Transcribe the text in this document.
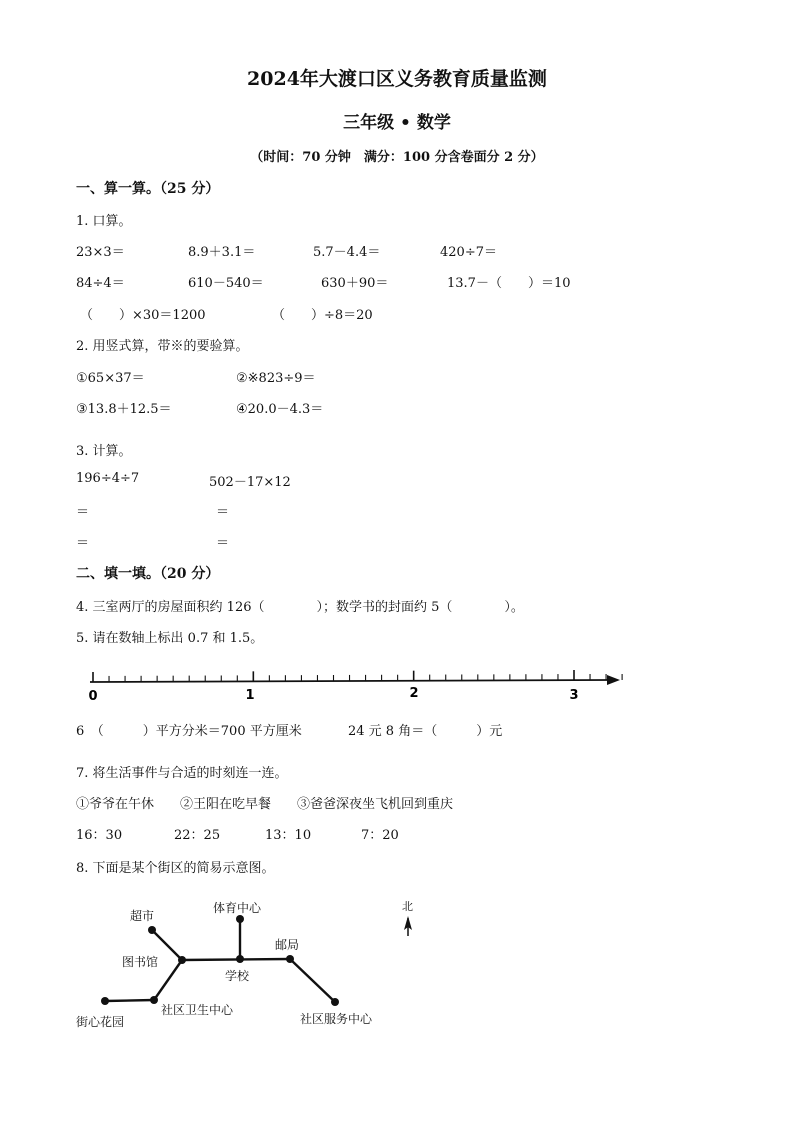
2024年大渡口区义务教育质量监测
三年级 • 数学
（时间：70 分钟　满分：100 分含卷面分 2 分）
一、算一算。（25 分）
1. 口算。
23×3＝	8.9＋3.1＝	5.7－4.4＝	420÷7＝
84÷4＝	610－540＝	630＋90＝	13.7－（　　）＝10
（　　）×30＝1200	（　　）÷8＝20
2. 用竖式算，带※的要验算。
①65×37＝	②※823÷9＝
③13.8＋12.5＝	④20.0－4.3＝
3. 计算。
196÷4÷7	502－17×12
＝	＝
＝	＝
二、填一填。（20 分）
4. 三室两厅的房屋面积约 126（　　　　）；数学书的封面约 5（　　　　）。
5. 请在数轴上标出 0.7 和 1.5。
0	1	2	3
6　（　　　）平方分米＝700 平方厘米	24 元 8 角＝（　　　）元
7. 将生活事件与合适的时刻连一连。
①爷爷在午休　　②王阳在吃早餐　　③爸爸深夜坐飞机回到重庆
16：30	22：25	13：10	7：20
8. 下面是某个街区的简易示意图。
超市
体育中心
图书馆
邮局
学校
街心花园
社区卫生中心
社区服务中心
北
